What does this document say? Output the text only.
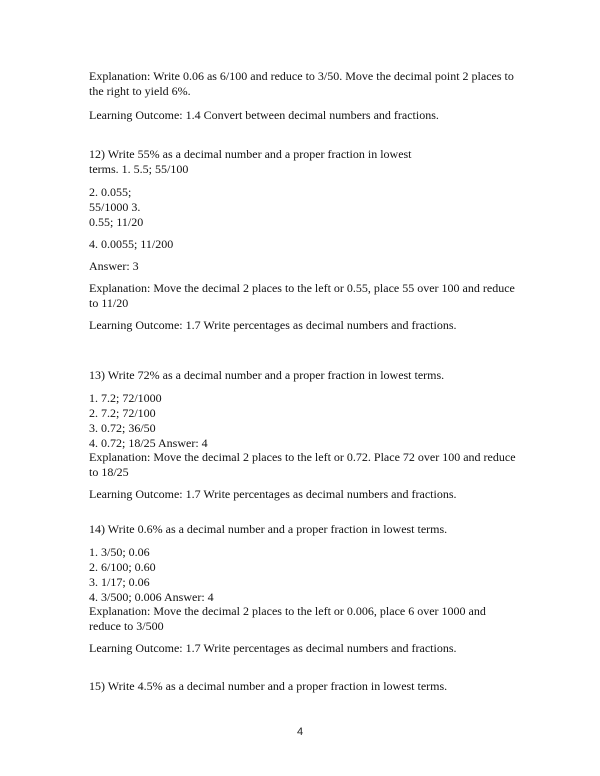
Explanation: Write 0.06 as 6/100 and reduce to 3/50. Move the decimal point 2 places to
the right to yield 6%.
Learning Outcome: 1.4 Convert between decimal numbers and fractions.
12) Write 55% as a decimal number and a proper fraction in lowest
terms. 1. 5.5; 55/100
2. 0.055;
55/1000 3.
0.55; 11/20
4. 0.0055; 11/200
Answer: 3
Explanation: Move the decimal 2 places to the left or 0.55, place 55 over 100 and reduce
to 11/20
Learning Outcome: 1.7 Write percentages as decimal numbers and fractions.
13) Write 72% as a decimal number and a proper fraction in lowest terms.
1. 7.2; 72/1000
2. 7.2; 72/100
3. 0.72; 36/50
4. 0.72; 18/25 Answer: 4
Explanation: Move the decimal 2 places to the left or 0.72. Place 72 over 100 and reduce
to 18/25
Learning Outcome: 1.7 Write percentages as decimal numbers and fractions.
14) Write 0.6% as a decimal number and a proper fraction in lowest terms.
1. 3/50; 0.06
2. 6/100; 0.60
3. 1/17; 0.06
4. 3/500; 0.006 Answer: 4
Explanation: Move the decimal 2 places to the left or 0.006, place 6 over 1000 and
reduce to 3/500
Learning Outcome: 1.7 Write percentages as decimal numbers and fractions.
15) Write 4.5% as a decimal number and a proper fraction in lowest terms.
4
